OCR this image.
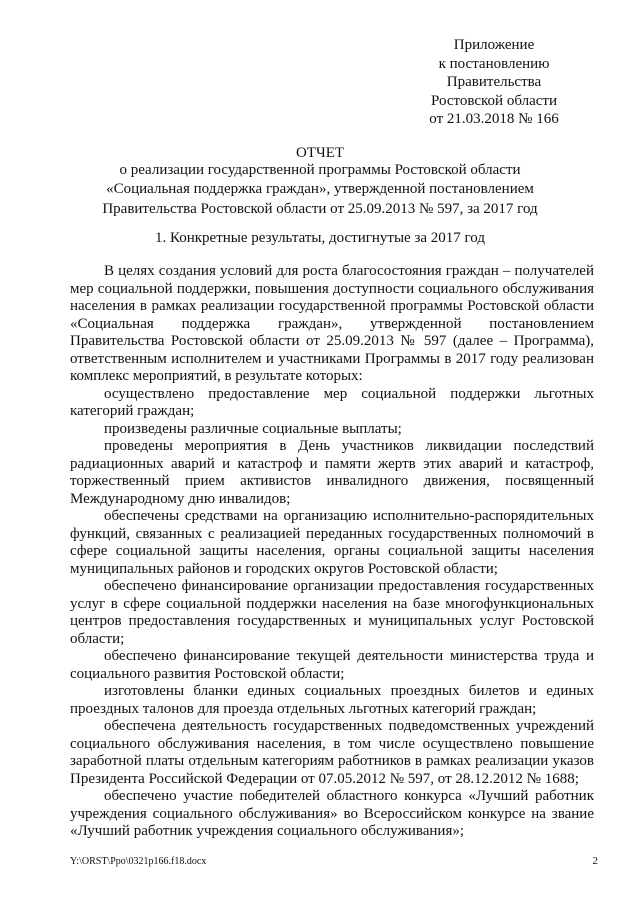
Приложение
к постановлению
Правительства
Ростовской области
от 21.03.2018 № 166
ОТЧЕТ
о реализации государственной программы Ростовской области
«Социальная поддержка граждан», утвержденной постановлением
Правительства Ростовской области от 25.09.2013 № 597, за 2017 год
1. Конкретные результаты, достигнутые за 2017 год

В целях создания условий для роста благосостояния граждан – получателей мер социальной поддержки, повышения доступности социального обслуживания населения в рамках реализации государственной программы Ростовской области «Социальная поддержка граждан», утвержденной постановлением Правительства Ростовской области от 25.09.2013 № 597 (далее – Программа), ответственным исполнителем и участниками Программы в 2017 году реализован комплекс мероприятий, в результате которых:

осуществлено предоставление мер социальной поддержки льготных категорий граждан;

произведены различные социальные выплаты;

проведены мероприятия в День участников ликвидации последствий радиационных аварий и катастроф и памяти жертв этих аварий и катастроф, торжественный прием активистов инвалидного движения, посвященный Международному дню инвалидов;

обеспечены средствами на организацию исполнительно-распорядительных функций, связанных с реализацией переданных государственных полномочий в сфере социальной защиты населения, органы социальной защиты населения муниципальных районов и городских округов Ростовской области;

обеспечено финансирование организации предоставления государственных услуг в сфере социальной поддержки населения на базе многофункциональных центров предоставления государственных и муниципальных услуг Ростовской области;

обеспечено финансирование текущей деятельности министерства труда и социального развития Ростовской области;

изготовлены бланки единых социальных проездных билетов и единых проездных талонов для проезда отдельных льготных категорий граждан;

обеспечена деятельность государственных подведомственных учреждений социального обслуживания населения, в том числе осуществлено повышение заработной платы отдельным категориям работников в рамках реализации указов Президента Российской Федерации от 07.05.2012 № 597, от 28.12.2012 № 1688;

обеспечено участие победителей областного конкурса «Лучший работник учреждения социального обслуживания» во Всероссийском конкурсе на звание «Лучший работник учреждения социального обслуживания»;

Y:\ORST\Ppo\0321p166.f18.docx	2
